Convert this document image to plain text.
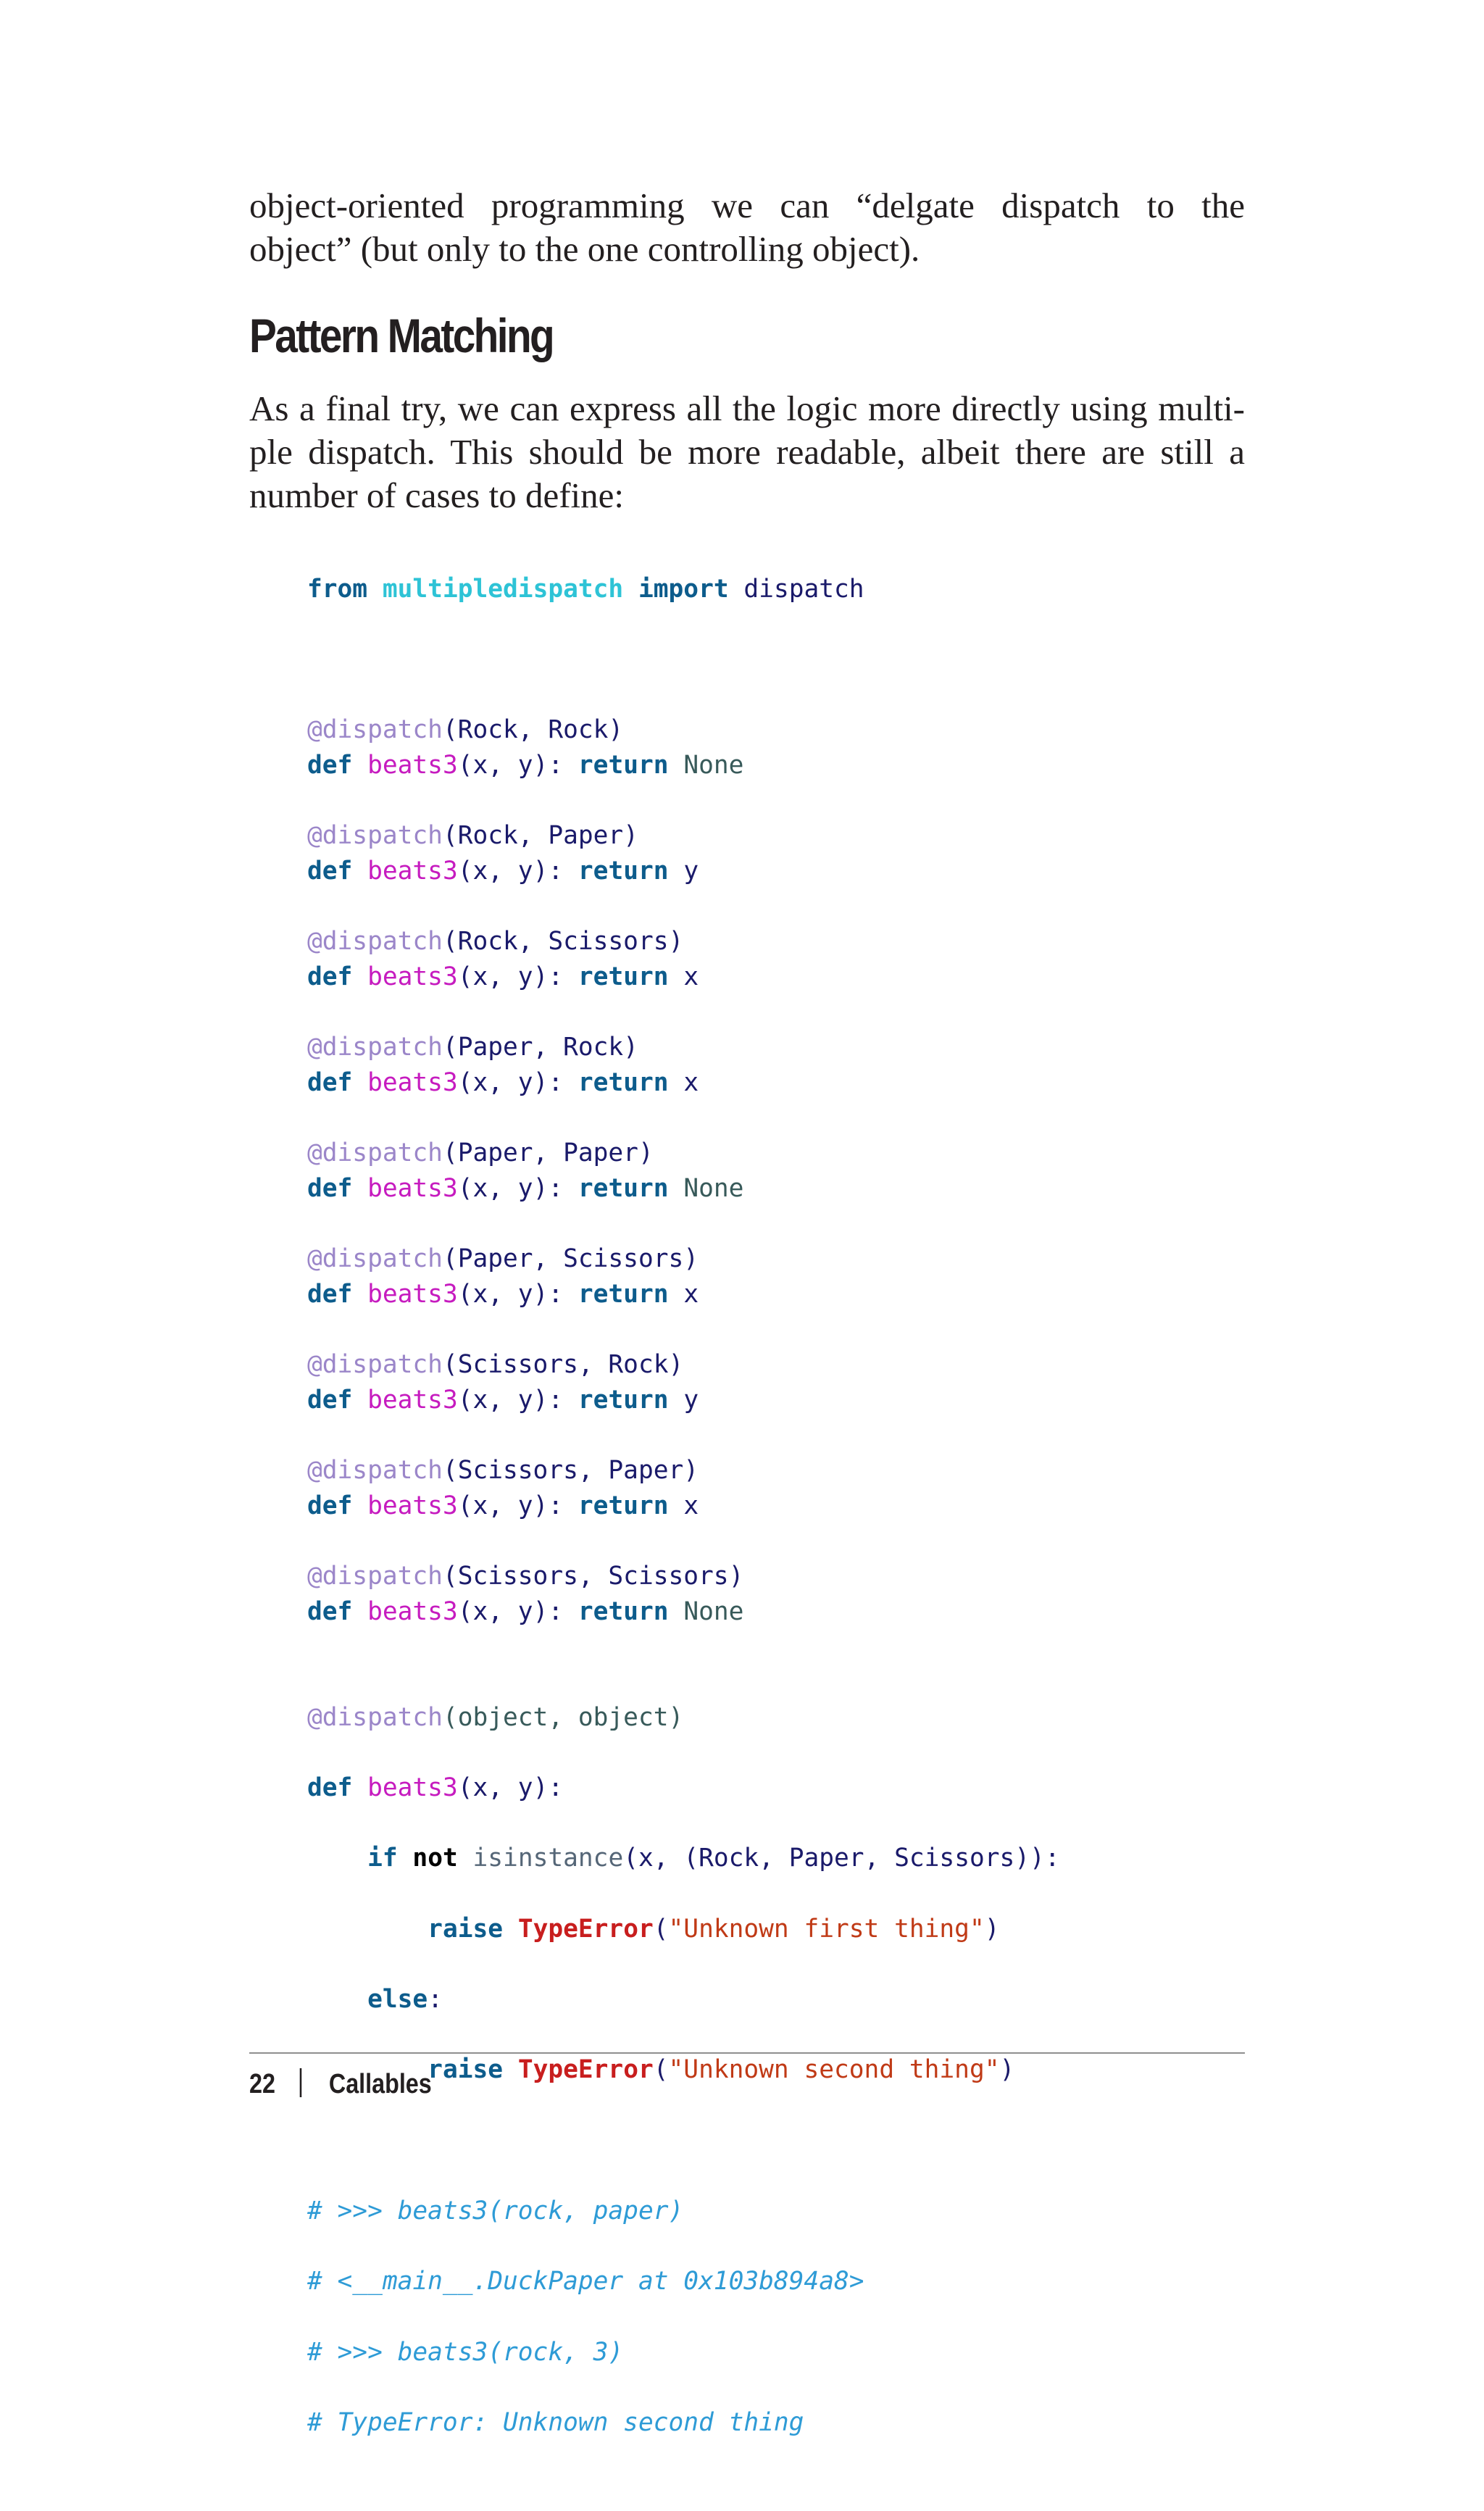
object-oriented programming we can “delgate dispatch to the
object” (but only to the one controlling object).

Pattern Matching

As a final try, we can express all the logic more directly using multi-
ple dispatch. This should be more readable, albeit there are still a
number of cases to define:

from multipledispatch import dispatch

@dispatch(Rock, Rock)
def beats3(x, y): return None
@dispatch(Rock, Paper)
def beats3(x, y): return y
@dispatch(Rock, Scissors)
def beats3(x, y): return x
@dispatch(Paper, Rock)
def beats3(x, y): return x
@dispatch(Paper, Paper)
def beats3(x, y): return None
@dispatch(Paper, Scissors)
def beats3(x, y): return x
@dispatch(Scissors, Rock)
def beats3(x, y): return y
@dispatch(Scissors, Paper)
def beats3(x, y): return x
@dispatch(Scissors, Scissors)
def beats3(x, y): return None

@dispatch(object, object)

def beats3(x, y):

if not isinstance(x, (Rock, Paper, Scissors)):

raise TypeError("Unknown first thing")

else:

raise TypeError("Unknown second thing")

# >>> beats3(rock, paper)

# <__main__.DuckPaper at 0x103b894a8>

# >>> beats3(rock, 3)

# TypeError: Unknown second thing

22 Callables
